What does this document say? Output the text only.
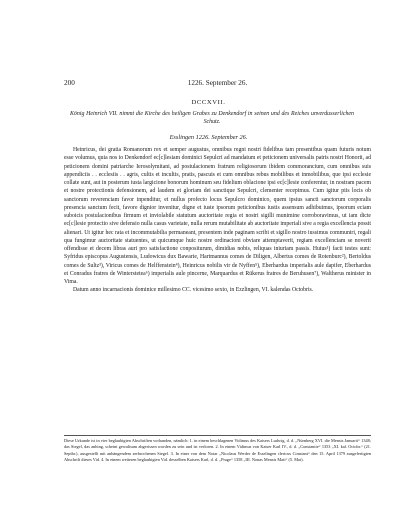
200	1226. September 26.
DCCXVII.
König Heinrich VII. nimmt die Kirche des heiligen Grabes zu Denkendorf in seinen und des Reiches unverdusserlichen Schutz.
Esslingen 1226. September 26.

Heinricus, dei gratia Romanorum rex et semper augustus, omnibus regni nostri fidelibus tam presentibus quam futuris notum esse volumus, quia nos io Denkendorf ec[c]lesiam dominici Sepulcri ad mandatum et peticionem universalis patris nostri Honorii, ad peticionem domini patriarche Ierosolymitani, ad postulacionem fratrum religiosorum ibidem commorancium, cum omnibus suis appendiciis . . ecclesiis . . agris, cultis et incultis, pratis, pascuis et cum omnibus rebus mobilibus et inmobilibus, que ipsi ecclesie collate sunt, aut in posterum iusta largicione bonorum hominum seu fidelium oblacione ipsi ec[c]lesie conferentur, in nostram pacem et nostre protectionis defensionem, ad laudem et gloriam dei sanctique Sepulcri, clementer recepimus. Cum igitur piis locis ob sanctorum reverenciam favor inpenditur, et nullus profecto locus Sepulcro dominico, quem ipsius sancti sanctorum corporalis presencia sanctum fecit, favore dignior invenitur, digne et iuste ipsorum peticionibus iustis assensum adhibuimus, ipsorum eciam suboicis postulacionibus firmum et inviolabile statutum auctoritate regia et nostri sigilli munimine corroboravimus, ut iam dicte ec[c]lesie protectio sive defensio nulla casus varietate, nulla rerum mutabilitate ab auctoritate imperiali sive a regia excellencia possit alienari. Ut igitur hec rata et incommutabilia permaneant, presentem inde paginam scribi et sigillo nostro iussimus communiri, regali qua fungimur auctoritate statuentes, ut quicumque huic nostre ordinacioni obviare attemptaverit, regiam excellenciam se noverit offendisse et decem libras auri pro satisfactione conpositurum, dimidias nobis, reliquas iniuriam passis. Huius¹) facti testes sunt: Syfridus episcopus Augustensis, Ludowicus dux Bawarie, Hartmannus comes de Diligen, Albertus comes de Rotenburc²), Bertoldus comes de Sultz³), Viricus comes de Helffenstein⁴), Heinricus nobilis vir de Nyffen⁵), Eberhardus imperialis aule dapifer, Eberhardus et Conradus fratres de Winterstetea⁶) imperialis aule pincerne, Marquardus et Rükerus fratres de Beruhusen⁷), Waltherus minister in Vima.

Datum anno incarnacionis dominice millesimo CC. vicesimo sexto, in Ezzlingen, VI. kalendas Octobris.

Diese Urkunde ist in vier beglaubigten Abschriften vorhanden, nämlich: 1. in einem beschlagenen Vidimus des Kaisers Ludwig, d. d. „Nürnberg XVI. die Mensis Januarii“ 1348; das Siegel, das anhing, scheint gewaltsam abgerissen worden zu sein und ist verloren. 2. In einem Vidimus von Kaiser Karl IV., d. d. „Constantie“ 1353 „XI. kal. Octobr.“ (21. Septbr.), ausgestellt mit anhängendem zerbrochenen Siegel. 3. In einer von dem Notar „Nicolaus Werder de Esselingen clericus Constant“ den 15. April 1379 ausgefertigten Abschrift dieses Vid. 4. In einem weiteren beglaubigten Vid. desselben Kaisers Karl, d. d. „Prage“ 1358 „III. Nonas Mensis Maii“ (5. Mai).
